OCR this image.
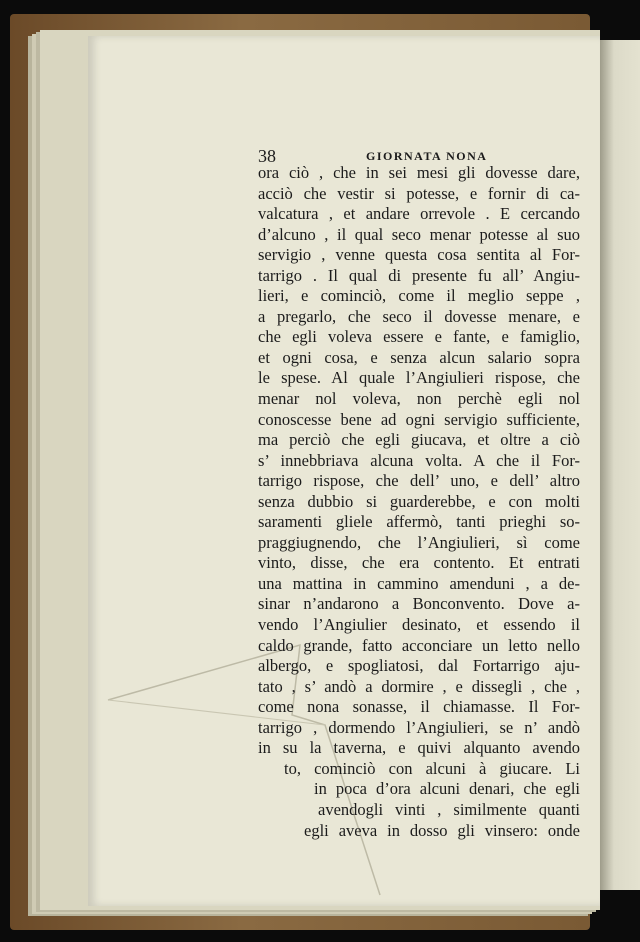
38	GIORNATA NONA
ora ciò , che in sei mesi gli dovesse dare,
acciò che vestir si potesse, e fornir di ca-
valcatura , et andare orrevole . E cercando
d’alcuno , il qual seco menar potesse al suo
servigio , venne questa cosa sentita al For-
tarrigo . Il qual di presente fu all’ Angiu-
lieri, e cominciò, come il meglio seppe ,
a pregarlo, che seco il dovesse menare, e
che egli voleva essere e fante, e famiglio,
et ogni cosa, e senza alcun salario sopra
le spese. Al quale l’Angiulieri rispose, che
menar nol voleva, non perchè egli nol
conoscesse bene ad ogni servigio sufficiente,
ma perciò che egli giucava, et oltre a ciò
s’ innebbriava alcuna volta. A che il For-
tarrigo rispose, che dell’ uno, e dell’ altro
senza dubbio si guarderebbe, e con molti
saramenti gliele affermò, tanti prieghi so-
praggiugnendo, che l’Angiulieri, sì come
vinto, disse, che era contento. Et entrati
una mattina in cammino amenduni , a de-
sinar n’andarono a Bonconvento. Dove a-
vendo l’Angiulier desinato, et essendo il
caldo grande, fatto acconciare un letto nello
albergo, e spogliatosi, dal Fortarrigo aju-
tato , s’ andò a dormire , e dissegli , che ,
come nona sonasse, il chiamasse. Il For-
tarrigo , dormendo l’Angiulieri, se n’ andò
in su la taverna, e quivi alquanto avendo
to, cominciò con alcuni à giucare. Li
in poca d’ora alcuni denari, che egli
avendogli vinti , similmente quanti
egli aveva in dosso gli vinsero: onde
